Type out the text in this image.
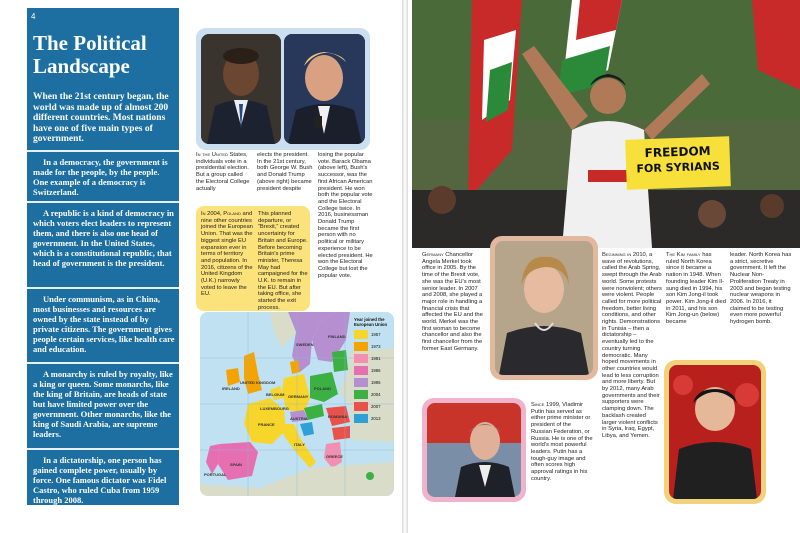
4
The Political Landscape
When the 21st century began, the world was made up of almost 200 different countries. Most nations have one of five main types of government.
In a democracy, the government is made for the people, by the people. One example of a democracy is Switzerland.
A republic is a kind of democracy in which voters elect leaders to represent them, and there is also one head of government. In the United States, which is a constitutional republic, that head of government is the president.
Under communism, as in China, most businesses and resources are owned by the state instead of by private citizens. The government gives people certain services, like health care and education.
A monarchy is ruled by royalty, like a king or queen. Some monarchs, like the king of Britain, are heads of state but have limited power over the government. Other monarchs, like the king of Saudi Arabia, are supreme leaders.
In a dictatorship, one person has gained complete power, usually by force. One famous dictator was Fidel Castro, who ruled Cuba from 1959 through 2008.
In the United States, individuals vote in a presidential election. But a group called the Electoral College actually
elects the president. In the 21st century, both George W. Bush and Donald Trump (above right) became president despite
losing the popular vote. Barack Obama (above left), Bush's successor, was the first African American president. He won both the popular vote and the Electoral College twice. In 2016, businessman Donald Trump became the first person with no political or military experience to be elected president. He won the Electoral College but lost the popular vote.
In 2004, Poland and nine other countries joined the European Union. That was the biggest single EU expansion ever in terms of territory and population. In 2016, citizens of the United Kingdom (U.K.) narrowly voted to leave the EU.
This planned departure, or “Brexit,” created uncertainty for Britain and Europe. Before becoming Britain's prime minister, Theresa May had campaigned for the U.K. to remain in the EU. But after taking office, she started the exit process.
IRELAND
UNITED KINGDOM
FRANCE
SPAIN
PORTUGAL
GERMANY
POLAND
ITALY
SWEDEN
FINLAND
LUXEMBOURG
BELGIUM
AUSTRIA	ROMANIA
GREECE
Year joined the European Union
1957
1973
1981
1986
1995
2004
2007
2013
FREEDOM
FOR SYRIANS
Germany Chancellor Angela Merkel took office in 2005. By the time of the Brexit vote, she was the EU's most senior leader. In 2007 and 2008, she played a major role in handling a financial crisis that affected the EU and the world. Merkel was the first woman to become chancellor and also the first chancellor from the former East Germany.
Since 1999, Vladimir Putin has served as either prime minister or president of the Russian Federation, or Russia. He is one of the world's most powerful leaders. Putin has a tough-guy image and often scores high approval ratings in his country.
Beginning in 2010, a wave of revolutions, called the Arab Spring, swept through the Arab world. Some protests were nonviolent; others were violent. People called for more political freedom, better living conditions, and other rights. Demonstrations in Tunisia – then a dictatorship – eventually led to the country turning democratic. Many hoped movements in other countries would lead to less corruption and more liberty. But by 2012, many Arab governments and their supporters were clamping down. The backlash created larger violent conflicts in Syria, Iraq, Egypt, Libya, and Yemen.
The Kim family has ruled North Korea since it became a nation in 1948. When founding leader Kim Il-sung died in 1994, his son Kim Jong-il took power. Kim Jong-il died in 2011, and his son Kim Jong-un (below) became
leader. North Korea has a strict, secretive government. It left the Nuclear Non-Proliferation Treaty in 2003 and began testing nuclear weapons in 2006. In 2016, it claimed to be testing even more powerful hydrogen bomb.
